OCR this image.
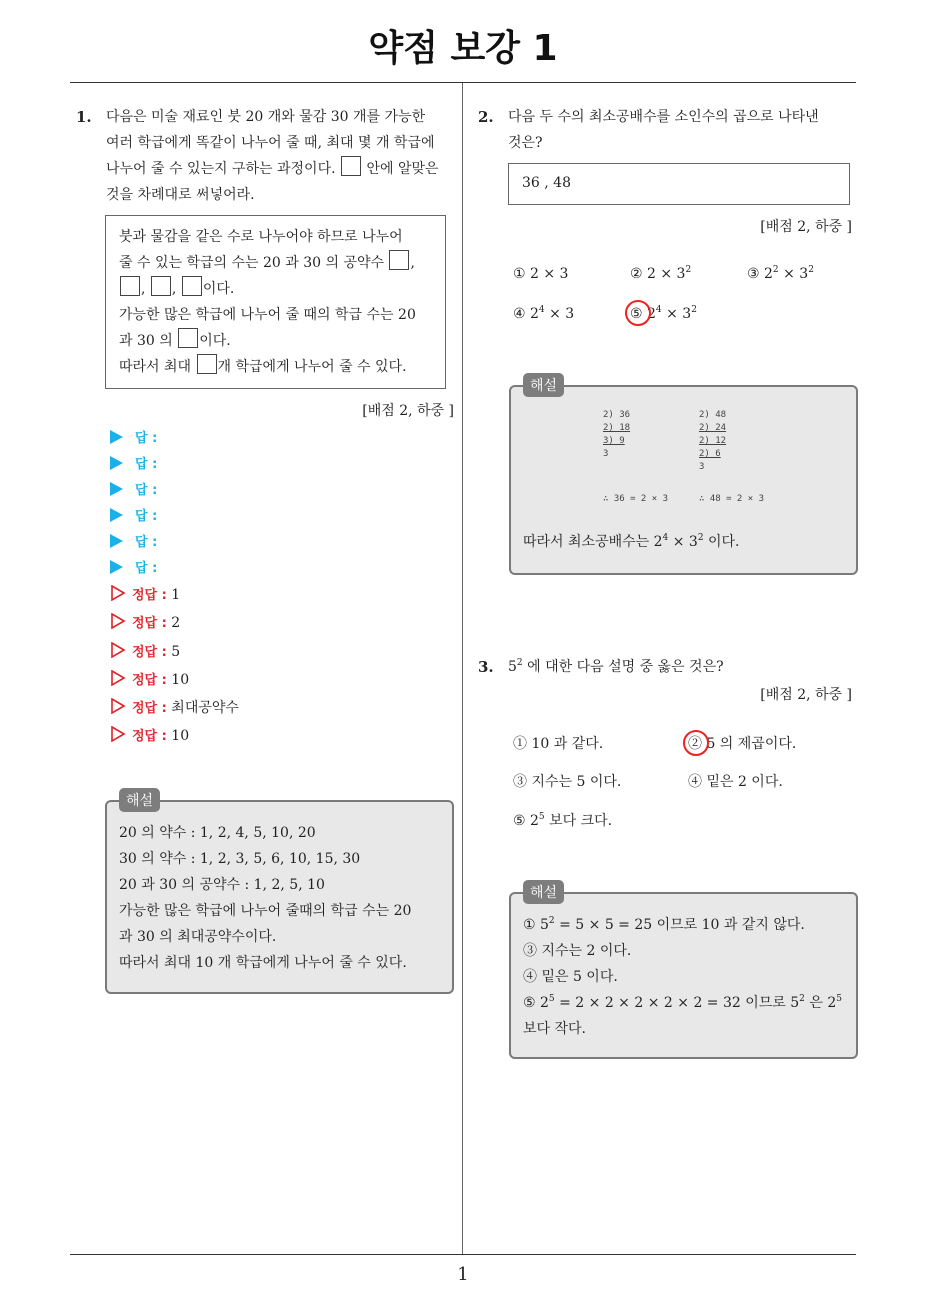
약점 보강 1
1. 다음은 미술 재료인 붓 20 개와 물감 30 개를 가능한
여러 학급에게 똑같이 나누어 줄 때, 최대 몇 개 학급에
나누어 줄 수 있는지 구하는 과정이다. 안에 알맞은
것을 차례대로 써넣어라.
붓과 물감을 같은 수로 나누어야 하므로 나누어
줄 수 있는 학급의 수는 20 과 30 의 공약수 ,
, , 이다.
가능한 많은 학급에 나누어 줄 때의 학급 수는 20
과 30 의 이다.
따라서 최대 개 학급에게 나누어 줄 수 있다.
[배점 2, 하중 ]
답 :
답 :
답 :
답 :
답 :
답 :
정답 : 1
정답 : 2
정답 : 5
정답 : 10
정답 : 최대공약수
정답 : 10
해설
20 의 약수 : 1, 2, 4, 5, 10, 20
30 의 약수 : 1, 2, 3, 5, 6, 10, 15, 30
20 과 30 의 공약수 : 1, 2, 5, 10
가능한 많은 학급에 나누어 줄때의 학급 수는 20
과 30 의 최대공약수이다.
따라서 최대 10 개 학급에게 나누어 줄 수 있다.
2. 다음 두 수의 최소공배수를 소인수의 곱으로 나타낸
것은?
36 , 48
[배점 2, 하중 ]
① 2 × 3	② $2 \times 3^2$	③ $2^2 \times 3^2$
④ $2^4 \times 3$	⑤ $2^4 \times 3^2$
해설
2) 36
2) 18
3) 9
3
2) 48
2) 24
2) 12
2) 6
3
∴ 36 = 2 × 3	∴ 48 = 2 × 3
따라서 최소공배수는 $2^4 \times 3^2$ 이다.
3. $5^2$ 에 대한 다음 설명 중 옳은 것은?
[배점 2, 하중 ]
① 10 과 같다.	② 5 의 제곱이다.
③ 지수는 5 이다.	④ 밑은 2 이다.
⑤ $2^5$ 보다 크다.
해설
① $5^2 = 5 \times 5 = 25$ 이므로 10 과 같지 않다.
③ 지수는 2 이다.
④ 밑은 5 이다.
⑤ $2^5 = 2 \times 2 \times 2 \times 2 \times 2 = 32$ 이므로 $5^2$ 은 $2^5$
보다 작다.
1
